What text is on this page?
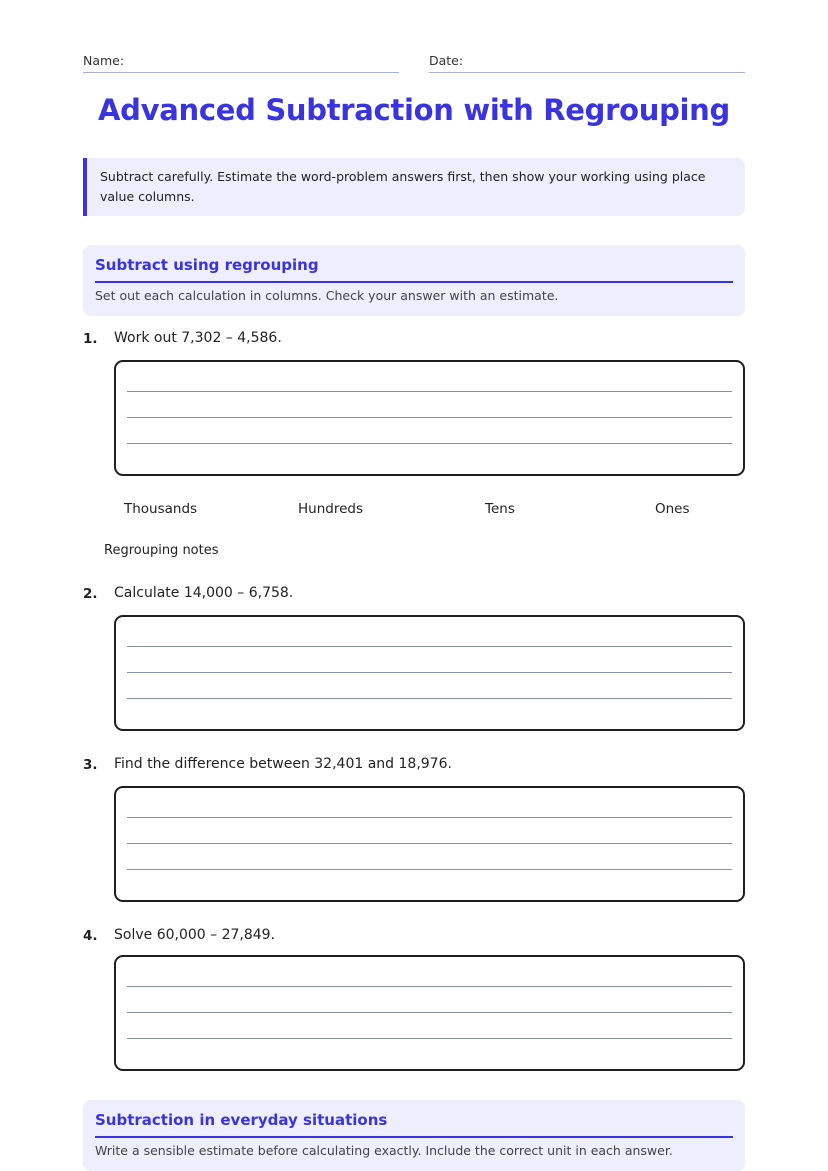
Name:	Date:
Advanced Subtraction with Regrouping
Subtract carefully. Estimate the word-problem answers first, then show your working using place value columns.
Subtract using regrouping
Set out each calculation in columns. Check your answer with an estimate.
1. Work out 7,302 – 4,586.
Thousands	Hundreds	Tens	Ones
Regrouping notes
2. Calculate 14,000 – 6,758.
3. Find the difference between 32,401 and 18,976.
4. Solve 60,000 – 27,849.
Subtraction in everyday situations
Write a sensible estimate before calculating exactly. Include the correct unit in each answer.
